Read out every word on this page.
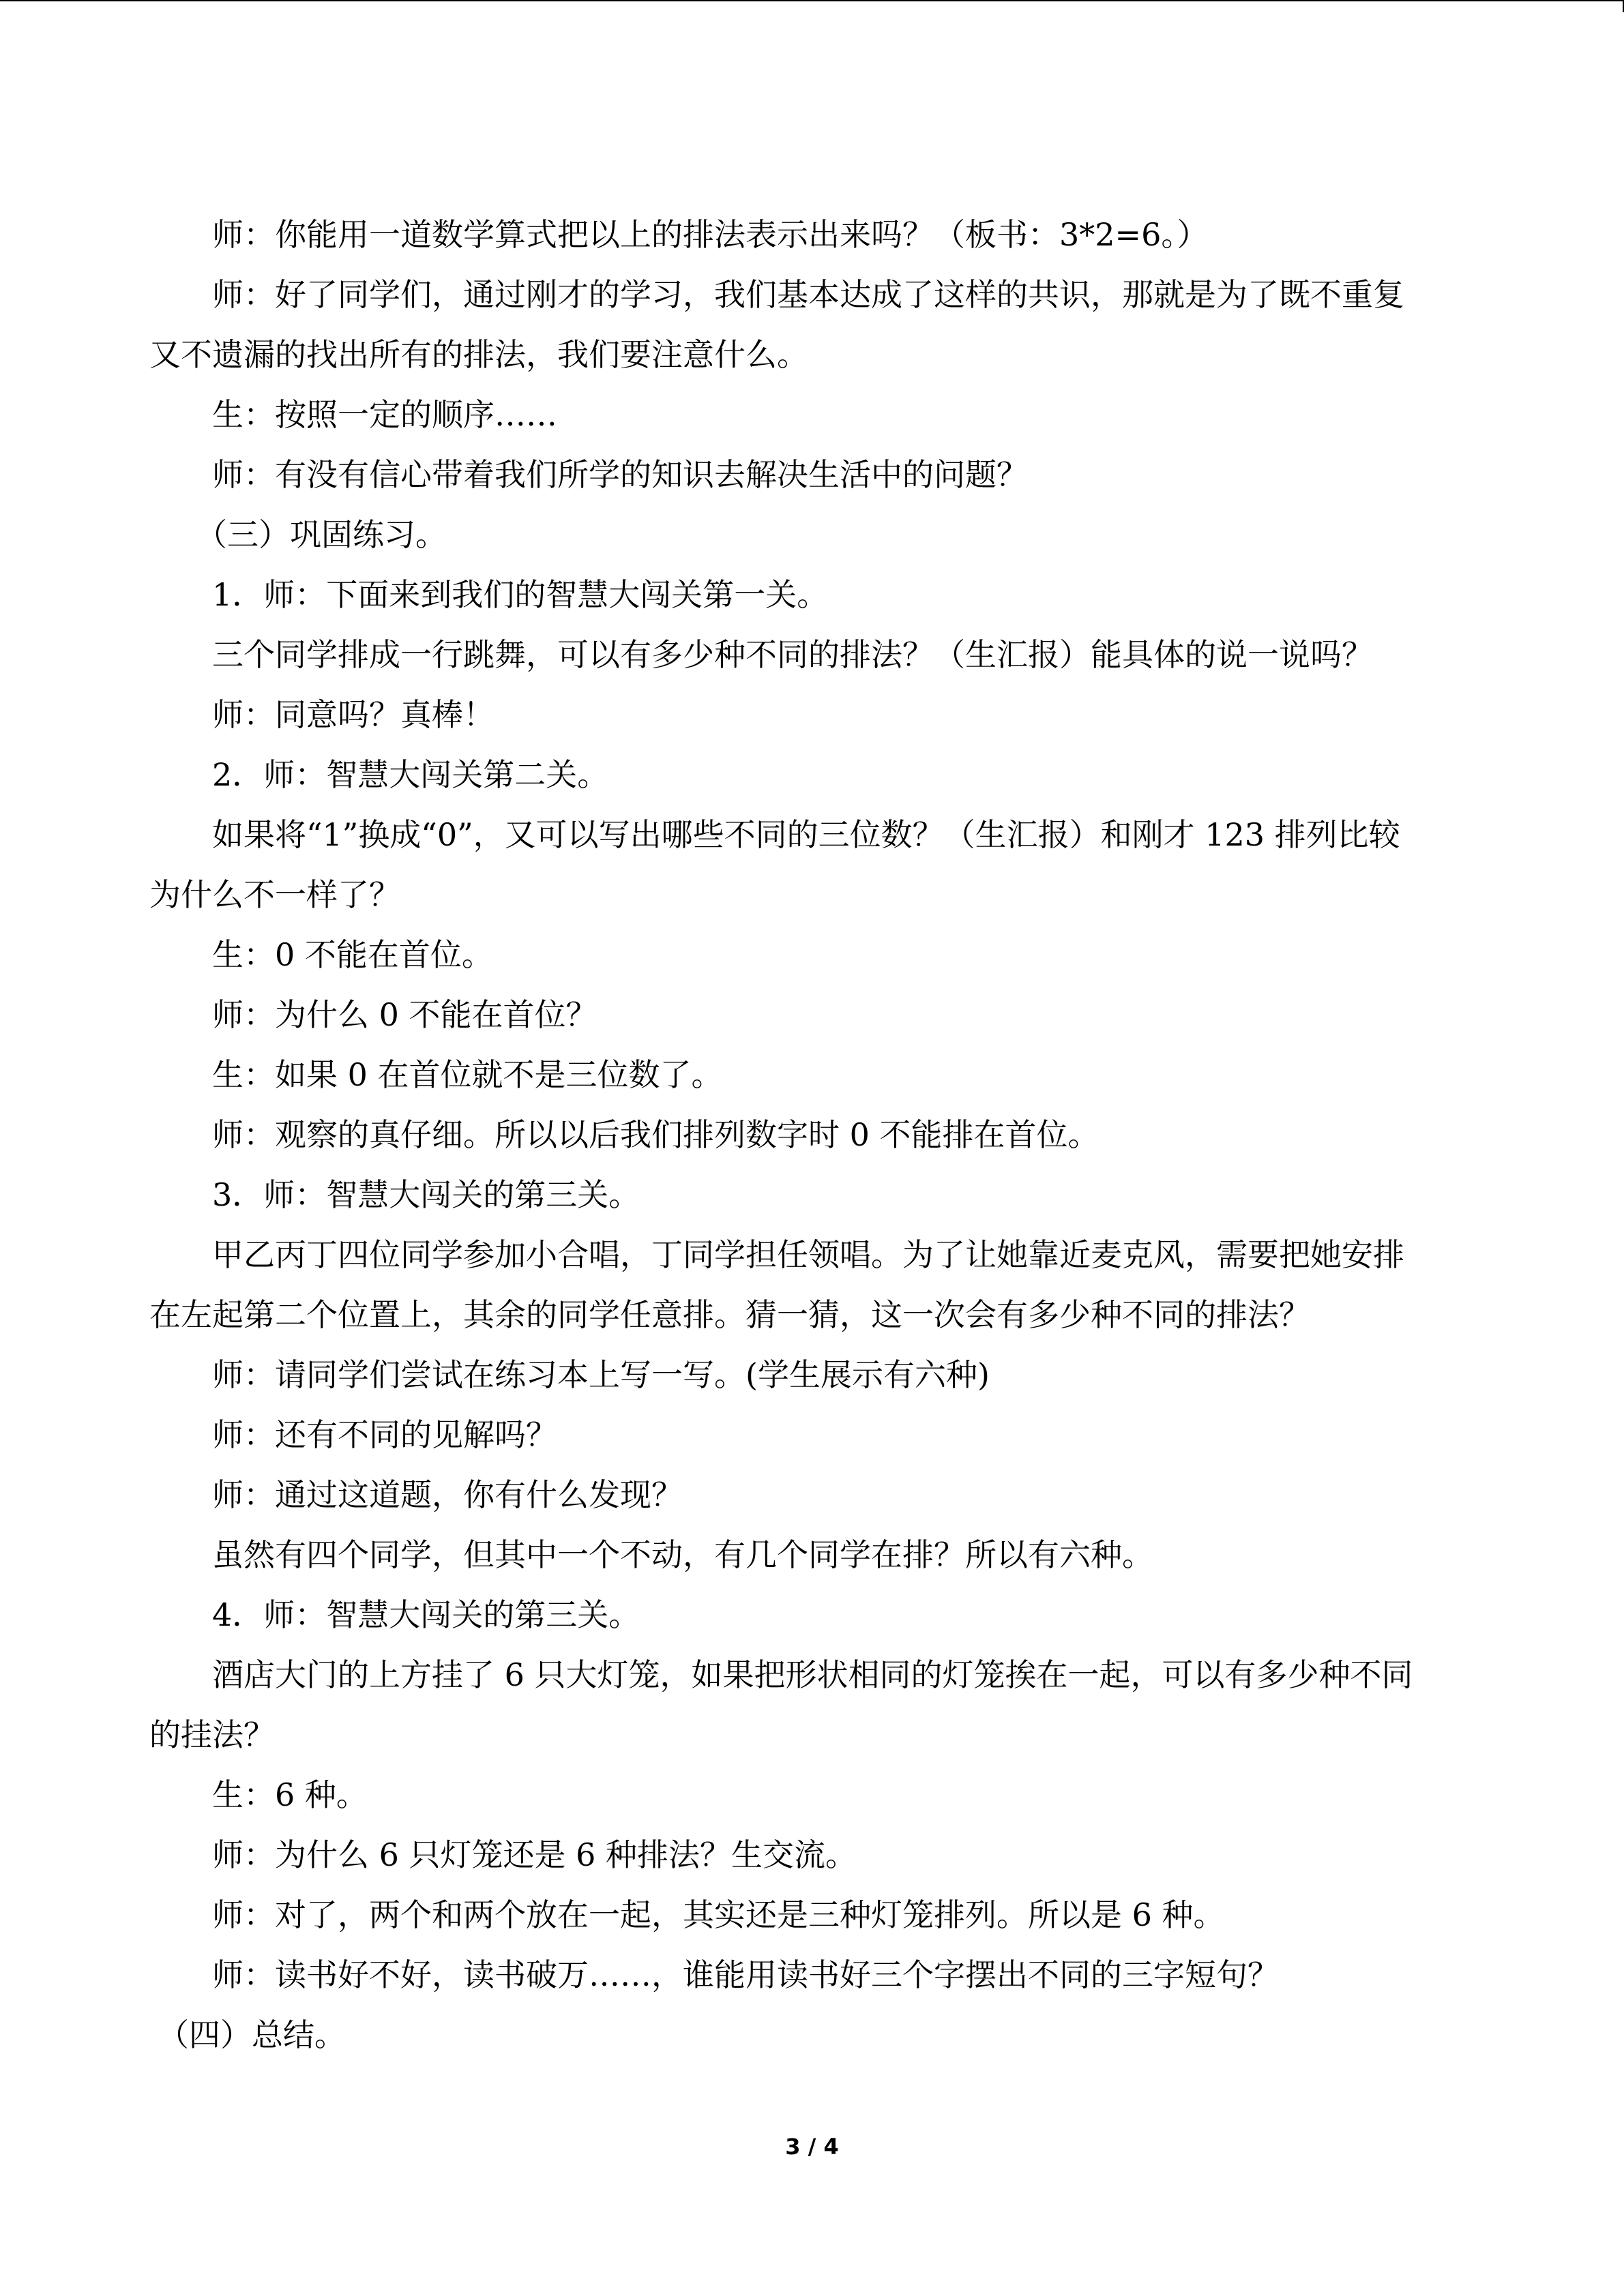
师：你能用一道数学算式把以上的排法表示出来吗？（板书：3*2=6。）
师：好了同学们，通过刚才的学习，我们基本达成了这样的共识，那就是为了既不重复
又不遗漏的找出所有的排法，我们要注意什么。
生：按照一定的顺序……
师：有没有信心带着我们所学的知识去解决生活中的问题？
（三）巩固练习。
1．师：下面来到我们的智慧大闯关第一关。
三个同学排成一行跳舞，可以有多少种不同的排法？（生汇报）能具体的说一说吗？
师：同意吗？真棒！
2．师：智慧大闯关第二关。
如果将“1”换成“0”，又可以写出哪些不同的三位数？（生汇报）和刚才 123 排列比较
为什么不一样了？
生：0 不能在首位。
师：为什么 0 不能在首位？
生：如果 0 在首位就不是三位数了。
师：观察的真仔细。所以以后我们排列数字时 0 不能排在首位。
3．师：智慧大闯关的第三关。
甲乙丙丁四位同学参加小合唱，丁同学担任领唱。为了让她靠近麦克风，需要把她安排
在左起第二个位置上，其余的同学任意排。猜一猜，这一次会有多少种不同的排法？
师：请同学们尝试在练习本上写一写。(学生展示有六种)
师：还有不同的见解吗？
师：通过这道题，你有什么发现？
虽然有四个同学，但其中一个不动，有几个同学在排？所以有六种。
4．师：智慧大闯关的第三关。
酒店大门的上方挂了 6 只大灯笼，如果把形状相同的灯笼挨在一起，可以有多少种不同
的挂法？
生：6 种。
师：为什么 6 只灯笼还是 6 种排法？生交流。
师：对了，两个和两个放在一起，其实还是三种灯笼排列。所以是 6 种。
师：读书好不好，读书破万……，谁能用读书好三个字摆出不同的三字短句？
（四）总结。
3 / 4
